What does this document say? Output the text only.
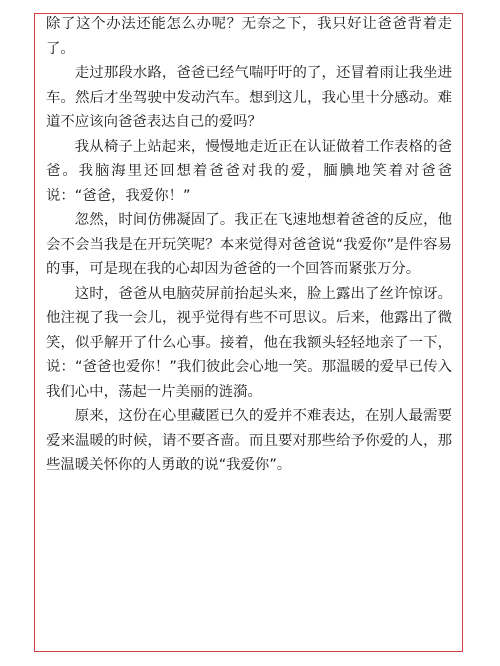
除了这个办法还能怎么办呢？无奈之下，我只好让爸爸背着走了。

走过那段水路，爸爸已经气喘吁吁的了，还冒着雨让我坐进车。然后才坐驾驶中发动汽车。想到这儿，我心里十分感动。难道不应该向爸爸表达自己的爱吗？

我从椅子上站起来，慢慢地走近正在认证做着工作表格的爸爸。我脑海里还回想着爸爸对我的爱，腼腆地笑着对爸爸说：“爸爸，我爱你！”

忽然，时间仿佛凝固了。我正在飞速地想着爸爸的反应，他会不会当我是在开玩笑呢？本来觉得对爸爸说“我爱你”是件容易的事，可是现在我的心却因为爸爸的一个回答而紧张万分。

这时，爸爸从电脑荧屏前抬起头来，脸上露出了丝许惊讶。他注视了我一会儿，视乎觉得有些不可思议。后来，他露出了微笑，似乎解开了什么心事。接着，他在我额头轻轻地亲了一下，说：“爸爸也爱你！”我们彼此会心地一笑。那温暖的爱早已传入我们心中，荡起一片美丽的涟漪。

原来，这份在心里藏匿已久的爱并不难表达，在别人最需要爱来温暖的时候，请不要吝啬。而且要对那些给予你爱的人，那些温暖关怀你的人勇敢的说“我爱你”。
